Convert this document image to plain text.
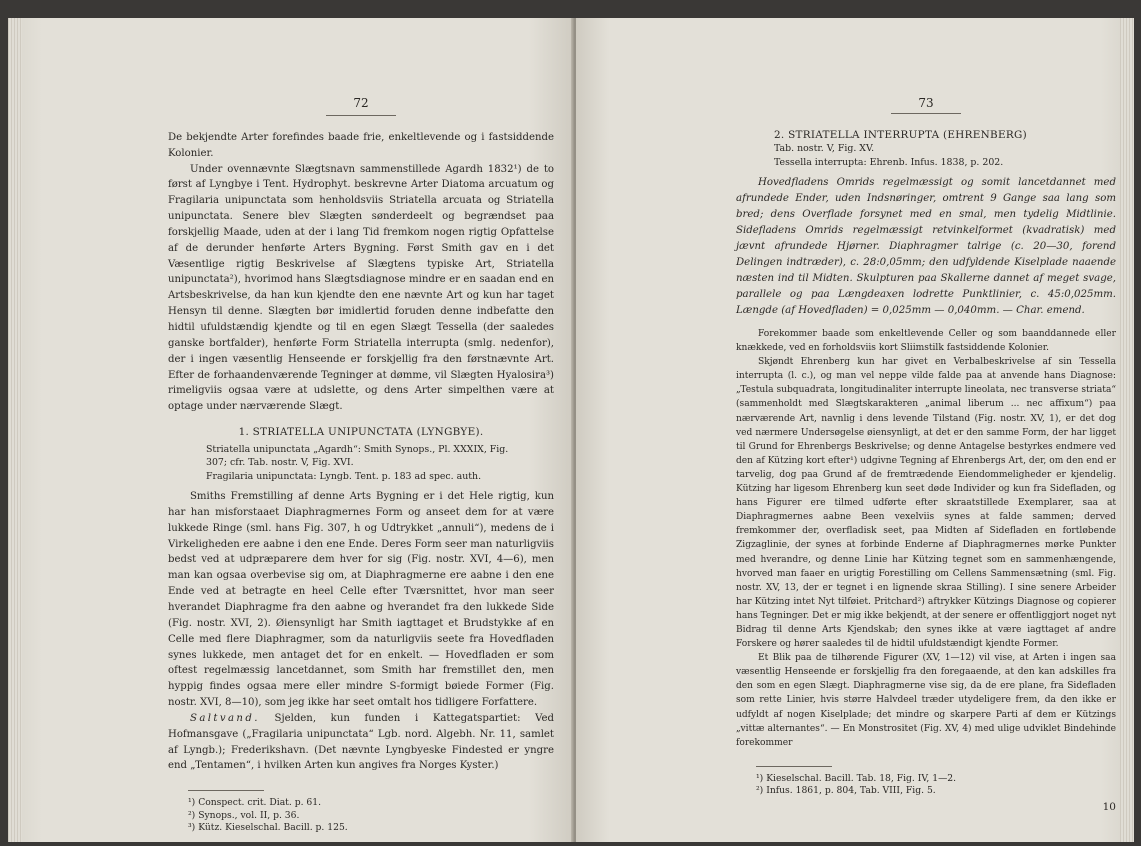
72

De bekjendte Arter forefindes baade frie, enkeltlevende og i fastsiddende Kolonier.

Under ovennævnte Slægtsnavn sammenstillede Agardh 1832¹) de to først af Lyngbye i Tent. Hydrophyt. beskrevne Arter Diatoma arcuatum og Fragilaria unipunctata som henholdsviis Striatella arcuata og Striatella unipunctata. Senere blev Slægten sønderdeelt og begrændset paa forskjellig Maade, uden at der i lang Tid fremkom nogen rigtig Opfattelse af de derunder henførte Arters Bygning. Først Smith gav en i det Væsentlige rigtig Beskrivelse af Slægtens typiske Art, Striatella unipunctata²), hvorimod hans Slægtsdiagnose mindre er en saadan end en Artsbeskrivelse, da han kun kjendte den ene nævnte Art og kun har taget Hensyn til denne. Slægten bør imidlertid foruden denne indbefatte den hidtil ufuldstændig kjendte og til en egen Slægt Tessella (der saaledes ganske bortfalder), henførte Form Striatella interrupta (smlg. nedenfor), der i ingen væsentlig Henseende er forskjellig fra den førstnævnte Art. Efter de forhaandenværende Tegninger at dømme, vil Slægten Hyalosira³) rimeligviis ogsaa være at udslette, og dens Arter simpelthen være at optage under nærværende Slægt.

1. STRIATELLA UNIPUNCTATA (LYNGBYE).
Striatella unipunctata „Agardh“: Smith Synops., Pl. XXXIX, Fig.
307; cfr. Tab. nostr. V, Fig. XVI.
Fragilaria unipunctata: Lyngb. Tent. p. 183 ad spec. auth.

Smiths Fremstilling af denne Arts Bygning er i det Hele rigtig, kun har han misforstaaet Diaphragmernes Form og anseet dem for at være lukkede Ringe (sml. hans Fig. 307, h og Udtrykket „annuli“), medens de i Virkeligheden ere aabne i den ene Ende. Deres Form seer man naturligviis bedst ved at udpræparere dem hver for sig (Fig. nostr. XVI, 4—6), men man kan ogsaa overbevise sig om, at Diaphragmerne ere aabne i den ene Ende ved at betragte en heel Celle efter Tværsnittet, hvor man seer hverandet Diaphragme fra den aabne og hverandet fra den lukkede Side (Fig. nostr. XVI, 2). Øiensynligt har Smith iagttaget et Brudstykke af en Celle med flere Diaphragmer, som da naturligviis seete fra Hovedfladen synes lukkede, men antaget det for en enkelt. — Hovedfladen er som oftest regelmæssig lancetdannet, som Smith har fremstillet den, men hyppig findes ogsaa mere eller mindre S-formigt bøiede Former (Fig. nostr. XVI, 8—10), som jeg ikke har seet omtalt hos tidligere Forfattere.

Saltvand. Sjelden, kun funden i Kattegatspartiet: Ved Hofmansgave („Fragilaria unipunctata“ Lgb. nord. Algebh. Nr. 11, samlet af Lyngb.); Frederikshavn. (Det nævnte Lyngbyeske Findested er yngre end „Tentamen“, i hvilken Arten kun angives fra Norges Kyster.)

¹) Conspect. crit. Diat. p. 61.
²) Synops., vol. II, p. 36.
³) Kütz. Kieselschal. Bacill. p. 125.
73
2. STRIATELLA INTERRUPTA (EHRENBERG)
Tab. nostr. V, Fig. XV.
Tessella interrupta: Ehrenb. Infus. 1838, p. 202.

Hovedfladens Omrids regelmæssigt og somit lancetdannet med afrundede Ender, uden Indsnøringer, omtrent 9 Gange saa lang som bred; dens Overflade forsynet med en smal, men tydelig Midtlinie. Sidefladens Omrids regelmæssigt retvinkelformet (kvadratisk) med jævnt afrundede Hjørner. Diaphragmer talrige (c. 20—30, forend Delingen indtræder), c. 28:0,05mm; den udfyldende Kiselplade naaende næsten ind til Midten. Skulpturen paa Skallerne dannet af meget svage, parallele og paa Længdeaxen lodrette Punktlinier, c. 45:0,025mm. Længde (af Hovedfladen) = 0,025mm — 0,040mm. — Char. emend.

Forekommer baade som enkeltlevende Celler og som baanddannede eller knækkede, ved en forholdsviis kort Sliimstilk fastsiddende Kolonier.

Skjøndt Ehrenberg kun har givet en Verbalbeskrivelse af sin Tessella interrupta (l. c.), og man vel neppe vilde falde paa at anvende hans Diagnose: „Testula subquadrata, longitudinaliter interrupte lineolata, nec transverse striata“ (sammenholdt med Slægtskarakteren „animal liberum ... nec affixum“) paa nærværende Art, navnlig i dens levende Tilstand (Fig. nostr. XV, 1), er det dog ved nærmere Undersøgelse øiensynligt, at det er den samme Form, der har ligget til Grund for Ehrenbergs Beskrivelse; og denne Antagelse bestyrkes endmere ved den af Kützing kort efter¹) udgivne Tegning af Ehrenbergs Art, der, om den end er tarvelig, dog paa Grund af de fremtrædende Eiendommeligheder er kjendelig. Kützing har ligesom Ehrenberg kun seet døde Individer og kun fra Sidefladen, og hans Figurer ere tilmed udførte efter skraatstillede Exemplarer, saa at Diaphragmernes aabne Been vexelviis synes at falde sammen; derved fremkommer der, overfladisk seet, paa Midten af Sidefladen en fortløbende Zigzaglinie, der synes at forbinde Enderne af Diaphragmernes mørke Punkter med hverandre, og denne Linie har Kützing tegnet som en sammenhængende, hvorved man faaer en urigtig Forestilling om Cellens Sammensætning (sml. Fig. nostr. XV, 13, der er tegnet i en lignende skraa Stilling). I sine senere Arbeider har Kützing intet Nyt tilføiet. Pritchard²) aftrykker Kützings Diagnose og copierer hans Tegninger. Det er mig ikke bekjendt, at der senere er offentliggjort noget nyt Bidrag til denne Arts Kjendskab; den synes ikke at være iagttaget af andre Forskere og hører saaledes til de hidtil ufuldstændigt kjendte Former.

Et Blik paa de tilhørende Figurer (XV, 1—12) vil vise, at Arten i ingen saa væsentlig Henseende er forskjellig fra den foregaaende, at den kan adskilles fra den som en egen Slægt. Diaphragmerne vise sig, da de ere plane, fra Sidefladen som rette Linier, hvis større Halvdeel træder utydeligere frem, da den ikke er udfyldt af nogen Kiselplade; det mindre og skarpere Parti af dem er Kützings „vittæ alternantes“. — En Monstrositet (Fig. XV, 4) med ulige udviklet Bindehinde forekommer

¹) Kieselschal. Bacill. Tab. 18, Fig. IV, 1—2.
²) Infus. 1861, p. 804, Tab. VIII, Fig. 5.
10
